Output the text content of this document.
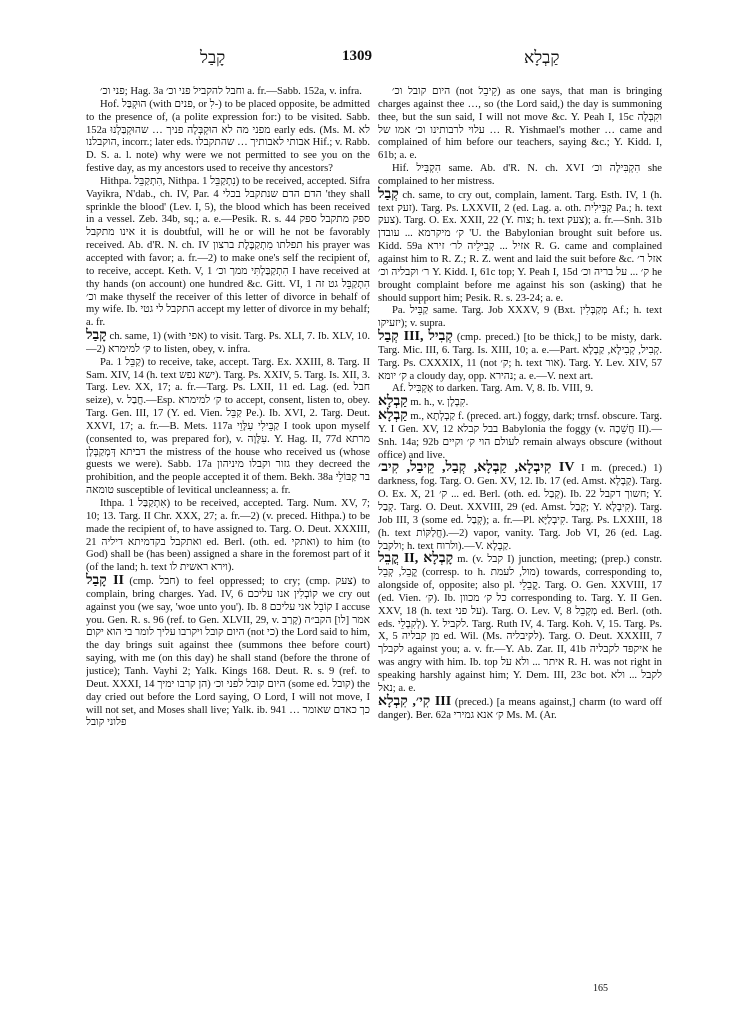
קָבַל	1309	קַבְלָא

פני וכ׳; Hag. 3a וחבל להקביל פני וכ׳ a. fr.—Sabb. 152a, v. infra.

Hof. הוּקְבַּל (with פנים, or לִ-) to be placed opposite, be admitted to the presence of, (a polite expression for:) to be visited. Sabb. 152a מפני מה לא הוּקְבְּלָה פניך … שהוּקְבַּלְנוּ early eds. (Ms. M. לא הוקבלנו, incorr.; later eds. אבותי לאבותיך … שהתקבלו Hif.; v. Rabb. D. S. a. l. note) why were we not permitted to see you on the festive day, as my ancestors used to receive thy ancestors?

Hithpa. הִתְקַבֵּל, Nithpa. נִתְקַבֵּל 1) to be received, accepted. Sifra Vayikra, N'dab., ch. IV, Par. 4 הדם הדם שנתקבל בכלי 'they shall sprinkle the blood' (Lev. I, 5), the blood which has been received in a vessel. Zeb. 34b, sq.; a. e.—Pesik. R. s. 44 ספק מתקבל ספק אינו מתקבל it is doubtful, will he or will he not be favorably received. Ab. d'R. N. ch. IV תפלתו מִתְקַבֶּלֶת ברצון his prayer was accepted with favor; a. fr.—2) to make one's self the recipient of, to receive, accept. Keth. V, 1 הִתְקַבַּלְתִּי ממך וכ׳ I have received at thy hands (on account) one hundred &c. Gitt. VI, 1 הִתְקַבֵּל גט זה וכ׳ make thyself the receiver of this letter of divorce in behalf of my wife. Ib. התקבל לי גטי accept my letter of divorce in my behalf; a. fr.

קָבַל ch. same, 1) (with אפי) to visit. Targ. Ps. XLI, 7. Ib. XLV, 10.—2) ק׳ למימרא to listen, obey, v. infra.

Pa. קַבֵּל 1) to receive, take, accept. Targ. Ex. XXIII, 8. Targ. II Sam. XIV, 14 (h. text ישא נפש). Targ. Ps. XXIV, 5. Targ. Is. XII, 3. Targ. Lev. XX, 17; a. fr.—Targ. Ps. LXII, 11 ed. Lag. (ed. חבל seize), v. חֲבַל.—Esp. ק׳ למימרא to accept, consent, listen to, obey. Targ. Gen. III, 17 (Y. ed. Vien. קַבֵּל Pe.). Ib. XVI, 2. Targ. Deut. XXVI, 17; a. fr.—B. Mets. 117a קַבֵּילִי עִלָּוֵי I took upon myself (consented to, was prepared for), v. עִלָּוָה. Y. Hag. II, 77d מרתא דביתא דְּמְקַבְּלָן the mistress of the house who received us (whose guests we were). Sabb. 17a גזור וקבלו מיניהון they decreed the prohibition, and the people accepted it of them. Bekh. 38a בר קַבּוֹלֵי טומאה susceptible of levitical uncleanness; a. fr.

Ithpa. אִתְקַבַּל 1) to be received, accepted. Targ. Num. XV, 7; 10; 13. Targ. II Chr. XXX, 27; a. fr.—2) (v. preced. Hithpa.) to be made the recipient of, to have assigned to. Targ. O. Deut. XXXIII, 21 ואתקבל בקדמיתא דיליה ed. Berl. (oth. ed. ואתקי) to him (to God) shall be (has been) assigned a share in the foremost part of it (of the land; h. text וירא ראשית לו).

קָבַל II (cmp. חבל) to feel oppressed; to cry; (cmp. צעק) to complain, bring charges. Yad. IV, 6 קוֹבְלִין אנו עליכם we cry out against you (we say, 'woe unto you'). Ib. 8 קוֹבֵל אני עליכם I accuse you. Gen. R. s. 96 (ref. to Gen. XLVII, 29, v. קָרַב) אמר [לו] הקב״ה היום קובל ויקרבו עליך לומר בי הוא יקום (not כי) the Lord said to him, the day brings suit against thee (summons thee before court) saying, with me (on this day) he shall stand (before the throne of justice); Tanh. Vayhi 2; Yalk. Kings 168. Deut. R. s. 9 (ref. to Deut. XXXI, 14 הן קרבו ימיך) היום קובל לפני וכ׳ (some ed. קובל) the day cried out before the Lord saying, O Lord, I will not move, I will not set, and Moses shall live; Yalk. ib. 941 … כך כאדם שאומר פלוני קובל

היום קובל וכ׳ (not קֵיבֵל) as one says, that man is bringing charges against thee …, so (the Lord said,) the day is summoning thee, but the sun said, I will not move &c. Y. Peah I, 15c וקִבְּלָה עלוי לרבותינו וכ׳ אמו של … R. Yishmael's mother … came and complained of him before our teachers, saying &c.; Y. Kidd. I, 61b; a. e.

Hif. הִקְבִּיל same. Ab. d'R. N. ch. XVI הִקְבִּילָה וכ׳ she complained to her mistress.

קְבַל ch. same, to cry out, complain, lament. Targ. Esth. IV, 1 (h. text זעק). Targ. Ps. LXXVII, 2 (ed. Lag. a. oth. קַבֵּילִית Pa.; h. text צעק). Targ. O. Ex. XXII, 22 (Y. צוח; h. text צעק); a. fr.—Snh. 31b ק׳ מיקרמא ... עובדן 'U. the Babylonian brought suit before us. Kidd. 59a אזיל ... קְבִילֵיה לר׳ זירא R. G. came and complained against him to R. Z.; R. Z. went and laid the suit before &c. אזל ר׳ ר׳ וקבליה וכ׳ Y. Kidd. I, 61c top; Y. Peah I, 15d ק׳ ... על בריה וכ׳ he brought complaint before me against his son (asking) that he should support him; Pesik. R. s. 23-24; a. e.

Pa. קַבֵּיל same. Targ. Job XXXV, 9 (Bxt. מְקַבְּלִין Af.; h. text יזעיקו); v. supra.

קְבַל III, קְבִיל (cmp. preced.) [to be thick,] to be misty, dark. Targ. Mic. III, 6. Targ. Is. XIII, 10; a. e.—Part. קְבִיל, קְבִילָא, קַבְלָא. Targ. Ps. CXXXIX, 11 (not ק׳; h. text אור). Targ. Y. Lev. XIV, 57 ק׳ יומא a cloudy day, opp. נהירא; a. e.—V. next art.

Af. אַקְבִּיל to darken. Targ. Am. V, 8. Ib. VIII, 9.

קַבְלָא m. h., v. קִבְלָן.

קַבְלָא m., קַבְלְתָא f. (preced. art.) foggy, dark; trnsf. obscure. Targ. Y. I Gen. XV, 12 בבל קבלא Babylonia the foggy (v. חֲשֵׁכָה II).—Snh. 14a; 92b לעולם הוי ק׳ וקיים remain always obscure (without office) and live.

קִיבְלָא, קַבְלָא, קְבַל, קֵיבַל, קִיב׳ IV I m. (preced.) 1) darkness, fog. Targ. O. Gen. XV, 12. Ib. 17 (ed. Amst. קַבְלָא). Targ. O. Ex. X, 21 ק׳ ... ed. Berl. (oth. ed. קְבַל). Ib. 22 חשוך דקבל; Y. קְבַל. Targ. O. Deut. XXVIII, 29 (ed. Amst. קְבַל; Y. קִיבְלָא). Targ. Job III, 3 (some ed. קְבַל); a. fr.—Pl. קִיבְלַיָּא. Targ. Ps. LXXIII, 18 (h. text חֲלַקּוֹת).—2) vapor, vanity. Targ. Job VI, 26 (ed. Lag. ולקבל; h. text ולרוח).—V. קַבְלָא.

קֳבֵל II, קָבְלָא m. (v. קבל I) junction, meeting; (prep.) constr. קֳבֵל, קְבֵל (corresp. to h. מול, לעמת) towards, corresponding to, alongside of, opposite; also pl. קֳבֵלֵי. Targ. O. Gen. XXVIII, 17 (ed. Vien. ק׳). Ib. כל ק׳ מכוון corresponding to. Targ. Y. II Gen. XXV, 18 (h. text על פני). Targ. O. Lev. V, 8 מְקָבֵל ed. Berl. (oth. eds. לְקִבְלֵי). Y. לקביל. Targ. Ruth IV, 4. Targ. Koh. V, 15. Targ. Ps. X, 5 מן קבליה ed. Wil. (Ms. לקיבליה). Targ. O. Deut. XXXIII, 7 לקבלך against you; a. v. fr.—Y. Ab. Zar. II, 41b איקפד לקבליה he was angry with him. Ib. top איתר ... ולא על R. H. was not right in speaking harshly against him; Y. Dem. III, 23c bot. לקבל ... ולא נאל; a. e.

קִי׳, קִבְלָא III (preced.) [a means against,] charm (to ward off danger). Ber. 62a ק׳ אנא גמירי Ms. M. (Ar.

165
